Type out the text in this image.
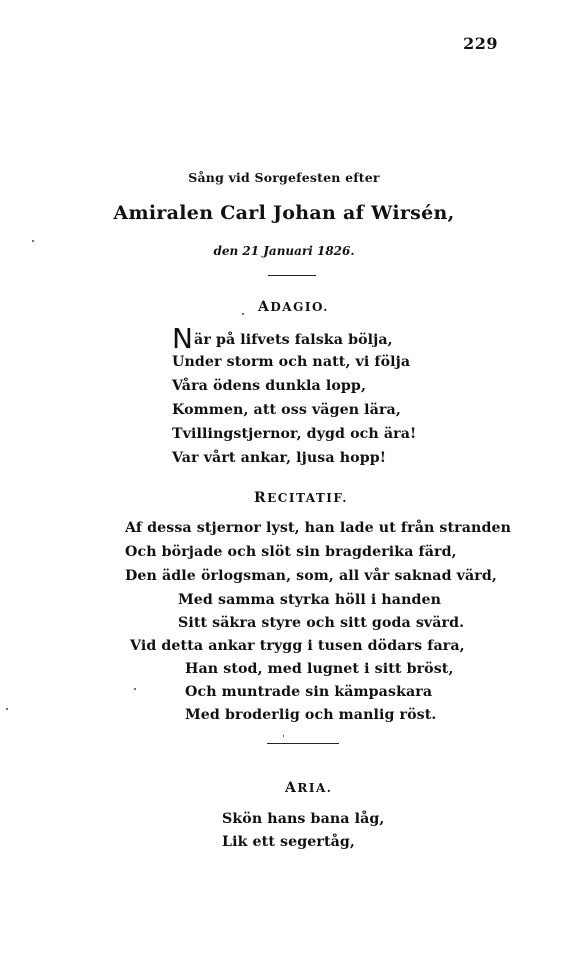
229
Sång vid Sorgefesten efter
Amiralen Carl Johan af Wirsén,
den 21 Januari 1826.
ADAGIO.
När på lifvets falska bölja,
Under storm och natt, vi följa
Våra ödens dunkla lopp,
Kommen, att oss vägen lära,
Tvillingstjernor, dygd och ära!
Var vårt ankar, ljusa hopp!
RECITATIF.
Af dessa stjernor lyst, han lade ut från stranden
Och började och slöt sin bragderika färd,
Den ädle örlogsman, som, all vår saknad värd,
Med samma styrka höll i handen
Sitt säkra styre och sitt goda svärd.
Vid detta ankar trygg i tusen dödars fara,
Han stod, med lugnet i sitt bröst,
Och muntrade sin kämpaskara
Med broderlig och manlig röst.
ARIA.
Skön hans bana låg,
Lik ett segertåg,
